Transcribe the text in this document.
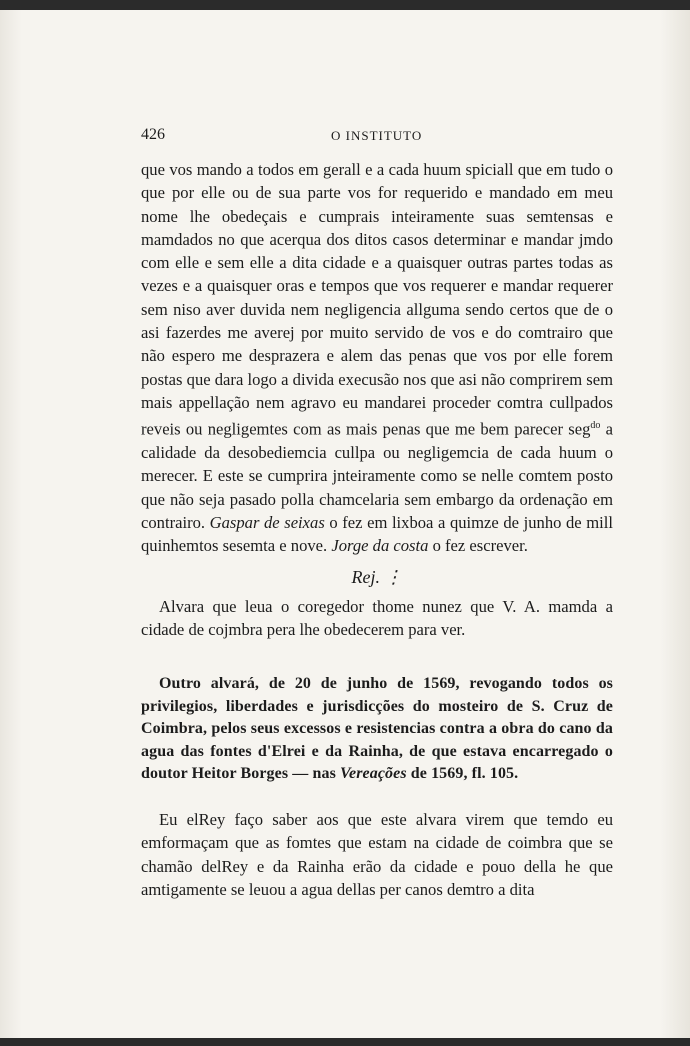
426	O INSTITUTO

que vos mando a todos em gerall e a cada huum spiciall que em tudo o que por elle ou de sua parte vos for requerido e mandado em meu nome lhe obedeçais e cumprais inteiramente suas semtensas e mamdados no que acerqua dos ditos casos determinar e mandar jmdo com elle e sem elle a dita cidade e a quaisquer outras partes todas as vezes e a quaisquer oras e tempos que vos requerer e mandar requerer sem niso aver duvida nem negligencia allguma sendo certos que de o asi fazerdes me averej por muito servido de vos e do comtrairo que não espero me desprazera e alem das penas que vos por elle forem postas que dara logo a divida execusão nos que asi não comprirem sem mais appellação nem agravo eu mandarei proceder comtra cullpados reveis ou negligemtes com as mais penas que me bem parecer seg$^{do}$ a calidade da desobediemcia cullpa ou negligemcia de cada huum o merecer. E este se cumprira jnteiramente como se nelle comtem posto que não seja pasado polla chamcelaria sem embargo da ordenação em contrairo. Gaspar de seixas o fez em lixboa a quimze de junho de mill quinhemtos sesemta e nove. Jorge da costa o fez escrever.

Rej. ⋮

Alvara que leua o coregedor thome nunez que V. A. mamda a cidade de cojmbra pera lhe obedecerem para ver.

Outro alvará, de 20 de junho de 1569, revogando todos os privilegios, liberdades e jurisdicções do mosteiro de S. Cruz de Coimbra, pelos seus excessos e resistencias contra a obra do cano da agua das fontes d'Elrei e da Rainha, de que estava encarregado o doutor Heitor Borges — nas Vereações de 1569, fl. 105.

Eu elRey faço saber aos que este alvara virem que temdo eu emformaçam que as fomtes que estam na cidade de coimbra que se chamão delRey e da Rainha erão da cidade e pouo della he que amtigamente se leuou a agua dellas per canos demtro a dita
